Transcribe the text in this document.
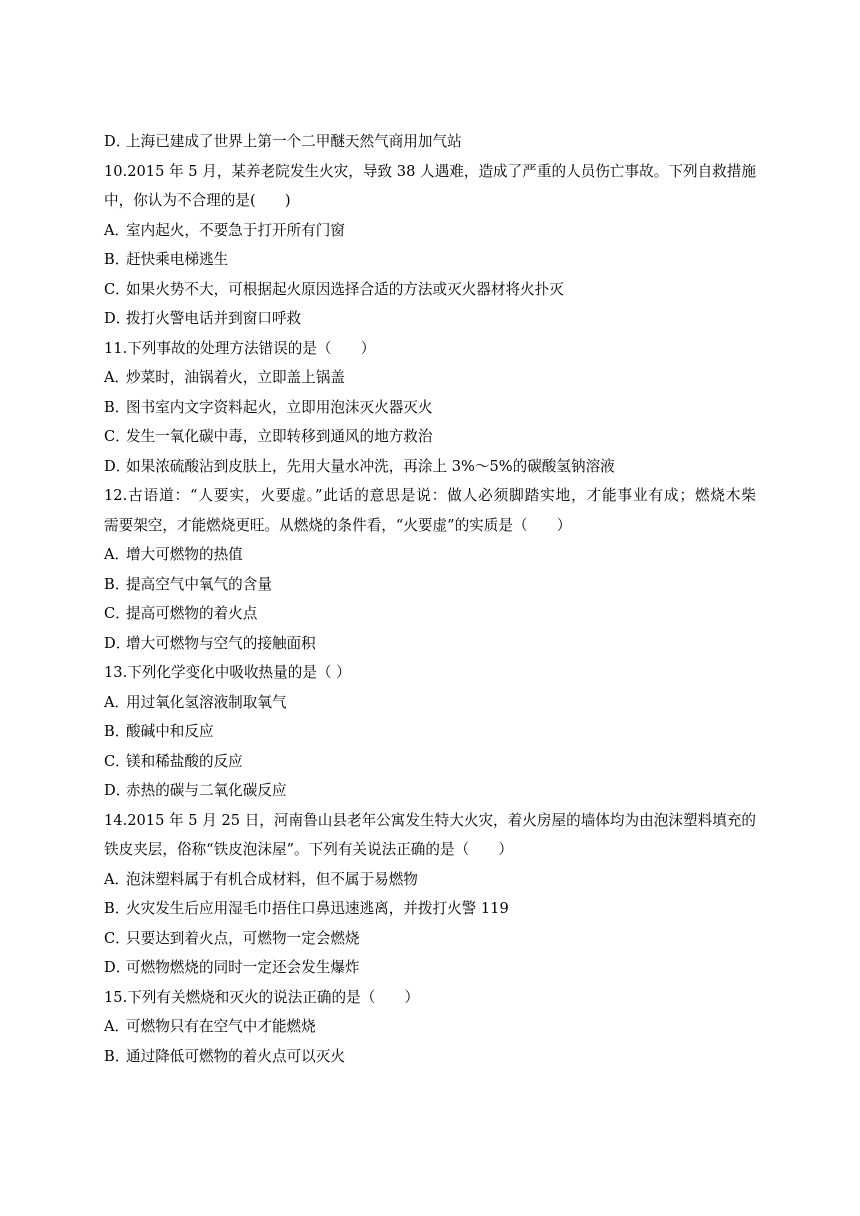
D．上海已建成了世界上第一个二甲醚天然气商用加气站
10.2015 年 5 月，某养老院发生火灾，导致 38 人遇难，造成了严重的人员伤亡事故。下列自救措施
中，你认为不合理的是(　　)
A．室内起火，不要急于打开所有门窗
B．赶快乘电梯逃生
C．如果火势不大，可根据起火原因选择合适的方法或灭火器材将火扑灭
D．拨打火警电话并到窗口呼救
11.下列事故的处理方法错误的是（　　）
A．炒菜时，油锅着火，立即盖上锅盖
B．图书室内文字资料起火，立即用泡沫灭火器灭火
C．发生一氧化碳中毒，立即转移到通风的地方救治
D．如果浓硫酸沾到皮肤上，先用大量水冲洗，再涂上 3%～5%的碳酸氢钠溶液
12.古语道：“人要实，火要虚。”此话的意思是说：做人必须脚踏实地，才能事业有成；燃烧木柴
需要架空，才能燃烧更旺。从燃烧的条件看，“火要虚”的实质是（　　）
A．增大可燃物的热值
B．提高空气中氧气的含量
C．提高可燃物的着火点
D．增大可燃物与空气的接触面积
13.下列化学变化中吸收热量的是（ ）
A．用过氧化氢溶液制取氧气
B．酸碱中和反应
C．镁和稀盐酸的反应
D．赤热的碳与二氧化碳反应
14.2015 年 5 月 25 日，河南鲁山县老年公寓发生特大火灾，着火房屋的墙体均为由泡沫塑料填充的
铁皮夹层，俗称“铁皮泡沫屋”。下列有关说法正确的是（　　）
A．泡沫塑料属于有机合成材料，但不属于易燃物
B．火灾发生后应用湿毛巾捂住口鼻迅速逃离，并拨打火警 119
C．只要达到着火点，可燃物一定会燃烧
D．可燃物燃烧的同时一定还会发生爆炸
15.下列有关燃烧和灭火的说法正确的是（　　）
A．可燃物只有在空气中才能燃烧
B．通过降低可燃物的着火点可以灭火
